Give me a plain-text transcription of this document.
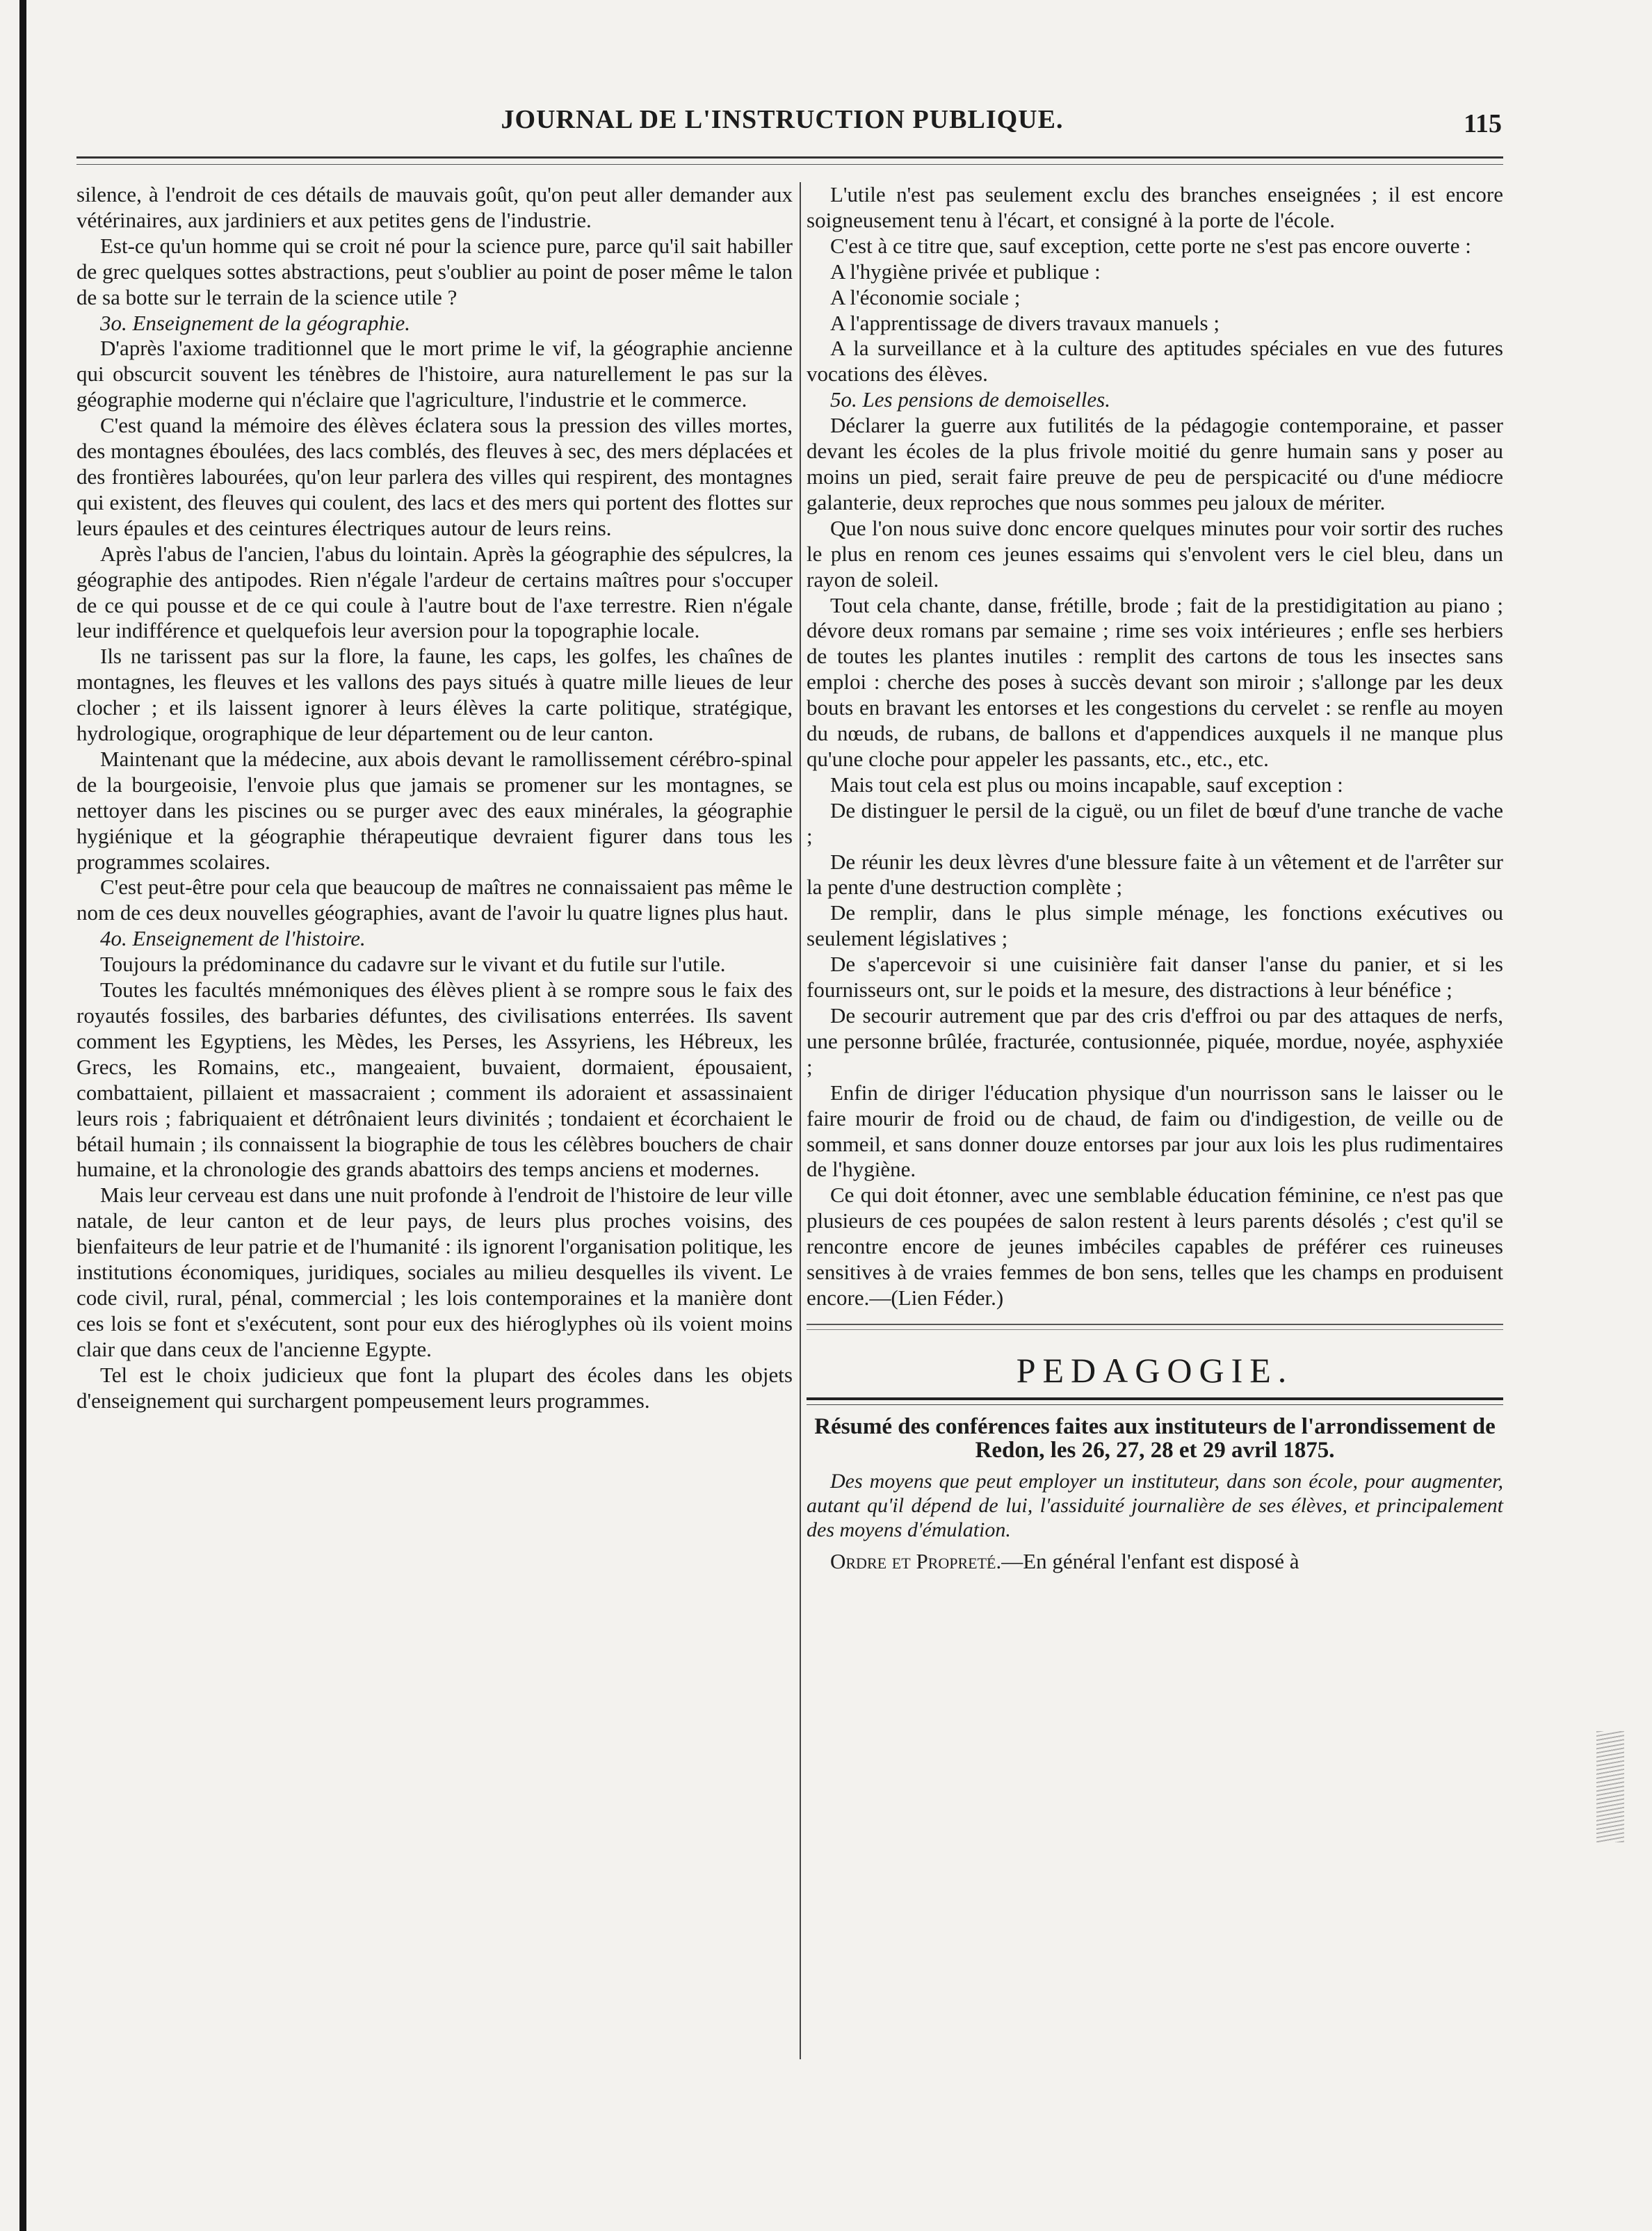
JOURNAL DE L'INSTRUCTION PUBLIQUE.	115

silence, à l'endroit de ces détails de mauvais goût, qu'on peut aller demander aux vétérinaires, aux jardiniers et aux petites gens de l'industrie.

Est-ce qu'un homme qui se croit né pour la science pure, parce qu'il sait habiller de grec quelques sottes abstractions, peut s'oublier au point de poser même le talon de sa botte sur le terrain de la science utile ?

3o. Enseignement de la géographie.

D'après l'axiome traditionnel que le mort prime le vif, la géographie ancienne qui obscurcit souvent les ténèbres de l'histoire, aura naturellement le pas sur la géographie moderne qui n'éclaire que l'agriculture, l'industrie et le commerce.

C'est quand la mémoire des élèves éclatera sous la pression des villes mortes, des montagnes éboulées, des lacs comblés, des fleuves à sec, des mers déplacées et des frontières labourées, qu'on leur parlera des villes qui respirent, des montagnes qui existent, des fleuves qui coulent, des lacs et des mers qui portent des flottes sur leurs épaules et des ceintures électriques autour de leurs reins.

Après l'abus de l'ancien, l'abus du lointain. Après la géographie des sépulcres, la géographie des antipodes. Rien n'égale l'ardeur de certains maîtres pour s'occuper de ce qui pousse et de ce qui coule à l'autre bout de l'axe terrestre. Rien n'égale leur indifférence et quelquefois leur aversion pour la topographie locale.

Ils ne tarissent pas sur la flore, la faune, les caps, les golfes, les chaînes de montagnes, les fleuves et les vallons des pays situés à quatre mille lieues de leur clocher ; et ils laissent ignorer à leurs élèves la carte politique, stratégique, hydrologique, orographique de leur département ou de leur canton.

Maintenant que la médecine, aux abois devant le ramollissement cérébro-spinal de la bourgeoisie, l'envoie plus que jamais se promener sur les montagnes, se nettoyer dans les piscines ou se purger avec des eaux minérales, la géographie hygiénique et la géographie thérapeutique devraient figurer dans tous les programmes scolaires.

C'est peut-être pour cela que beaucoup de maîtres ne connaissaient pas même le nom de ces deux nouvelles géographies, avant de l'avoir lu quatre lignes plus haut.

4o. Enseignement de l'histoire.

Toujours la prédominance du cadavre sur le vivant et du futile sur l'utile.

Toutes les facultés mnémoniques des élèves plient à se rompre sous le faix des royautés fossiles, des barbaries défuntes, des civilisations enterrées. Ils savent comment les Egyptiens, les Mèdes, les Perses, les Assyriens, les Hébreux, les Grecs, les Romains, etc., mangeaient, buvaient, dormaient, épousaient, combattaient, pillaient et massacraient ; comment ils adoraient et assassinaient leurs rois ; fabriquaient et détrônaient leurs divinités ; tondaient et écorchaient le bétail humain ; ils connaissent la biographie de tous les célèbres bouchers de chair humaine, et la chronologie des grands abattoirs des temps anciens et modernes.

Mais leur cerveau est dans une nuit profonde à l'endroit de l'histoire de leur ville natale, de leur canton et de leur pays, de leurs plus proches voisins, des bienfaiteurs de leur patrie et de l'humanité : ils ignorent l'organisation politique, les institutions économiques, juridiques, sociales au milieu desquelles ils vivent. Le code civil, rural, pénal, commercial ; les lois contemporaines et la manière dont ces lois se font et s'exécutent, sont pour eux des hiéroglyphes où ils voient moins clair que dans ceux de l'ancienne Egypte.

Tel est le choix judicieux que font la plupart des écoles dans les objets d'enseignement qui surchargent pompeusement leurs programmes.

L'utile n'est pas seulement exclu des branches enseignées ; il est encore soigneusement tenu à l'écart, et consigné à la porte de l'école.

C'est à ce titre que, sauf exception, cette porte ne s'est pas encore ouverte :

A l'hygiène privée et publique :

A l'économie sociale ;

A l'apprentissage de divers travaux manuels ;

A la surveillance et à la culture des aptitudes spéciales en vue des futures vocations des élèves.

5o. Les pensions de demoiselles.

Déclarer la guerre aux futilités de la pédagogie contemporaine, et passer devant les écoles de la plus frivole moitié du genre humain sans y poser au moins un pied, serait faire preuve de peu de perspicacité ou d'une médiocre galanterie, deux reproches que nous sommes peu jaloux de mériter.

Que l'on nous suive donc encore quelques minutes pour voir sortir des ruches le plus en renom ces jeunes essaims qui s'envolent vers le ciel bleu, dans un rayon de soleil.

Tout cela chante, danse, frétille, brode ; fait de la prestidigitation au piano ; dévore deux romans par semaine ; rime ses voix intérieures ; enfle ses herbiers de toutes les plantes inutiles : remplit des cartons de tous les insectes sans emploi : cherche des poses à succès devant son miroir ; s'allonge par les deux bouts en bravant les entorses et les congestions du cervelet : se renfle au moyen du nœuds, de rubans, de ballons et d'appendices auxquels il ne manque plus qu'une cloche pour appeler les passants, etc., etc., etc.

Mais tout cela est plus ou moins incapable, sauf exception :

De distinguer le persil de la ciguë, ou un filet de bœuf d'une tranche de vache ;

De réunir les deux lèvres d'une blessure faite à un vêtement et de l'arrêter sur la pente d'une destruction complète ;

De remplir, dans le plus simple ménage, les fonctions exécutives ou seulement législatives ;

De s'apercevoir si une cuisinière fait danser l'anse du panier, et si les fournisseurs ont, sur le poids et la mesure, des distractions à leur bénéfice ;

De secourir autrement que par des cris d'effroi ou par des attaques de nerfs, une personne brûlée, fracturée, contusionnée, piquée, mordue, noyée, asphyxiée ;

Enfin de diriger l'éducation physique d'un nourrisson sans le laisser ou le faire mourir de froid ou de chaud, de faim ou d'indigestion, de veille ou de sommeil, et sans donner douze entorses par jour aux lois les plus rudimentaires de l'hygiène.

Ce qui doit étonner, avec une semblable éducation féminine, ce n'est pas que plusieurs de ces poupées de salon restent à leurs parents désolés ; c'est qu'il se rencontre encore de jeunes imbéciles capables de préférer ces ruineuses sensitives à de vraies femmes de bon sens, telles que les champs en produisent encore.—(Lien Féder.)

PEDAGOGIE.
Résumé des conférences faites aux instituteurs de l'arrondissement de Redon, les 26, 27, 28 et 29 avril 1875.
Des moyens que peut employer un instituteur, dans son école, pour augmenter, autant qu'il dépend de lui, l'assiduité journalière de ses élèves, et principalement des moyens d'émulation.

Ordre et Propreté.—En général l'enfant est disposé à
